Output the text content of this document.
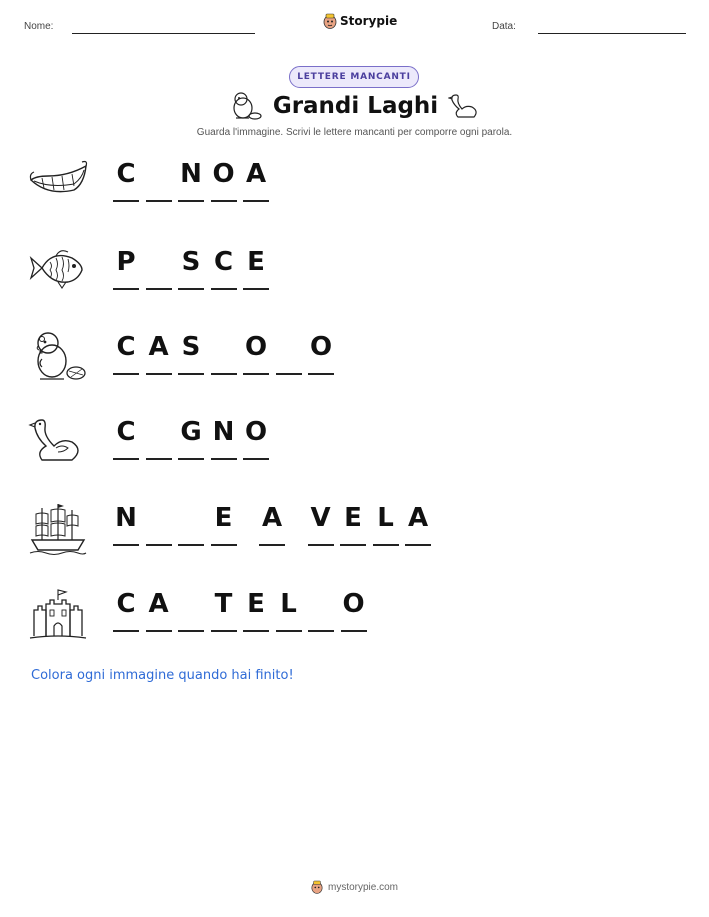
Nome:	Storypie	Data:
LETTERE MANCANTI
Grandi Laghi
Guarda l'immagine. Scrivi le lettere mancanti per comporre ogni parola.
C N O A
P S C E
C A S O O
C G N O
N	E A V E L A
C A T E L O
Colora ogni immagine quando hai finito!
mystorypie.com
